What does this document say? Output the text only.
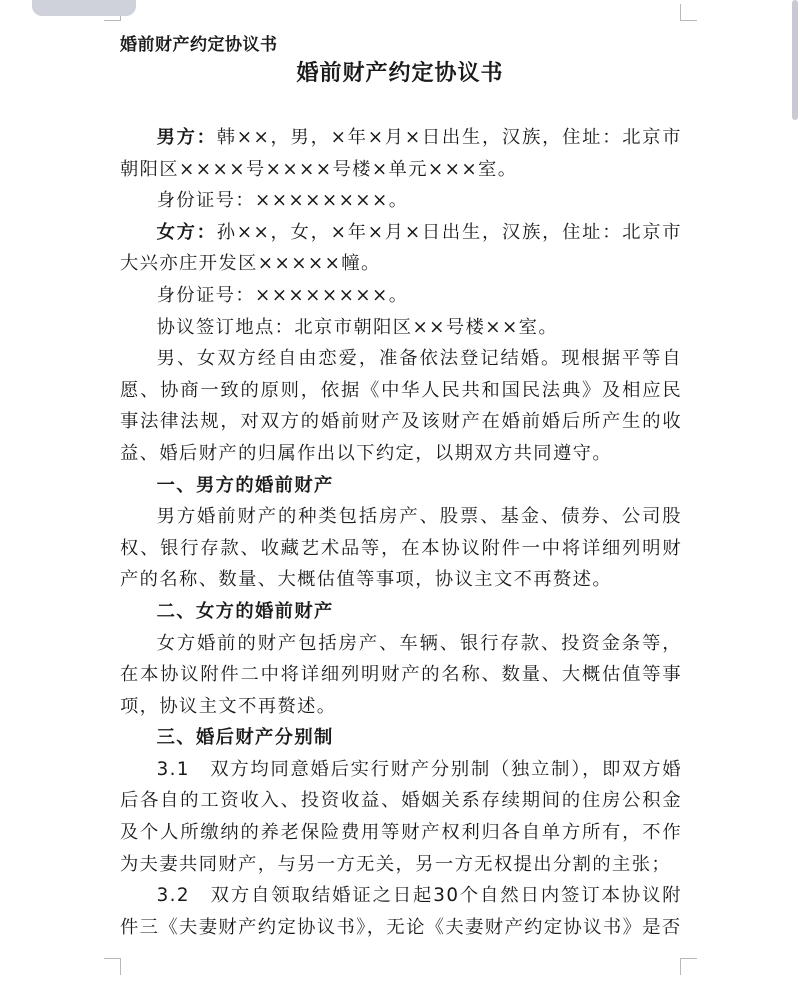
婚前财产约定协议书
婚前财产约定协议书

男方：韩××，男，×年×月×日出生，汉族，住址：北京市朝阳区××××号××××号楼×单元×××室。

身份证号：××××××××。

女方：孙××，女，×年×月×日出生，汉族，住址：北京市大兴亦庄开发区×××××幢。

身份证号：××××××××。

协议签订地点：北京市朝阳区××号楼××室。

男、女双方经自由恋爱，准备依法登记结婚。现根据平等自愿、协商一致的原则，依据《中华人民共和国民法典》及相应民事法律法规，对双方的婚前财产及该财产在婚前婚后所产生的收益、婚后财产的归属作出以下约定，以期双方共同遵守。

一、男方的婚前财产

男方婚前财产的种类包括房产、股票、基金、债券、公司股权、银行存款、收藏艺术品等，在本协议附件一中将详细列明财产的名称、数量、大概估值等事项，协议主文不再赘述。

二、女方的婚前财产

女方婚前的财产包括房产、车辆、银行存款、投资金条等，在本协议附件二中将详细列明财产的名称、数量、大概估值等事项，协议主文不再赘述。

三、婚后财产分别制

3.1　双方均同意婚后实行财产分别制（独立制），即双方婚后各自的工资收入、投资收益、婚姻关系存续期间的住房公积金及个人所缴纳的养老保险费用等财产权利归各自单方所有，不作为夫妻共同财产，与另一方无关，另一方无权提出分割的主张；

3.2　双方自领取结婚证之日起30个自然日内签订本协议附件三《夫妻财产约定协议书》，无论《夫妻财产约定协议书》是否
